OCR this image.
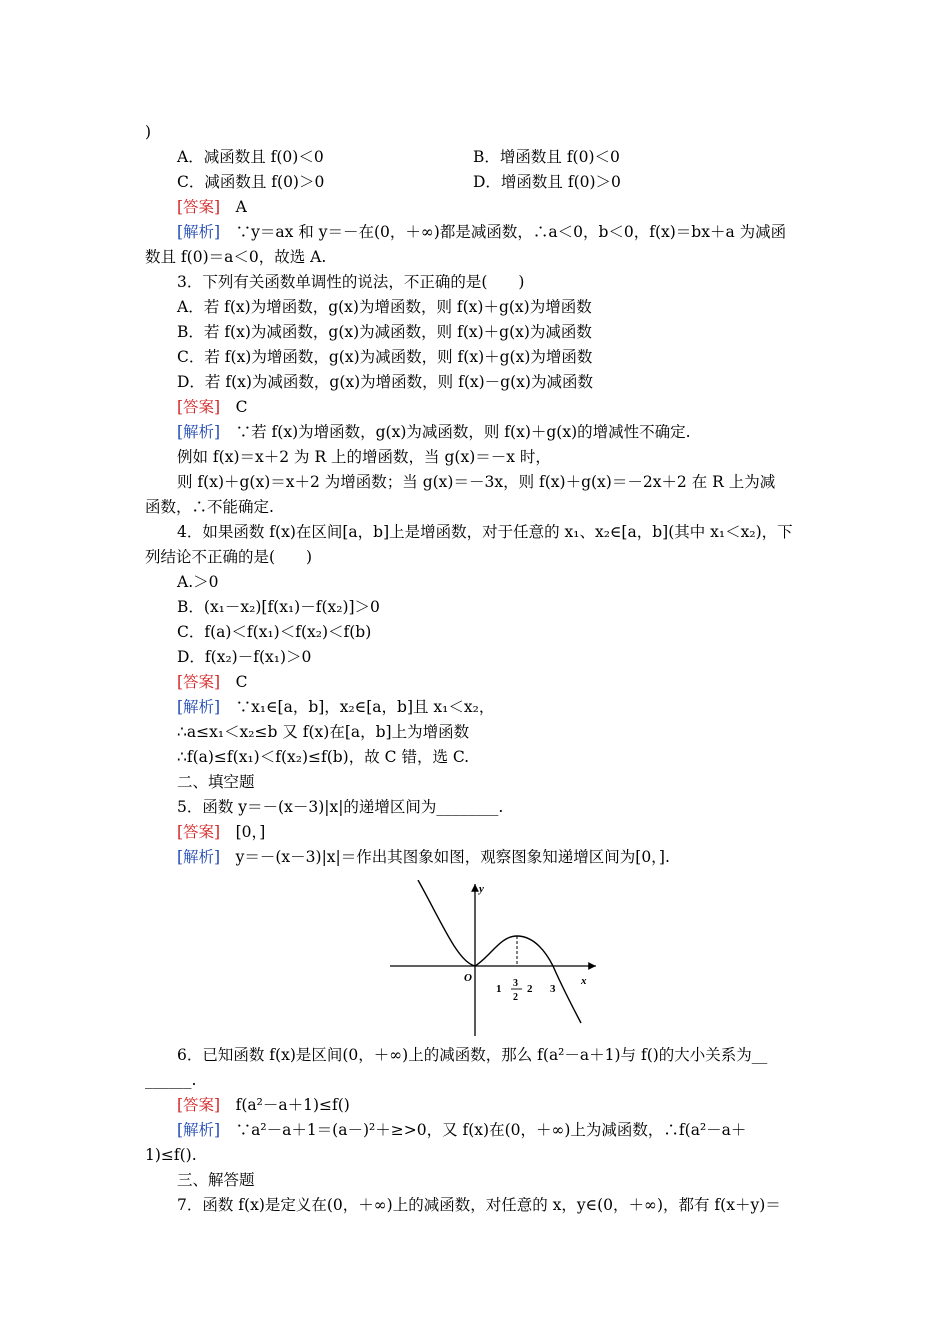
)
A．减函数且 f(0)＜0	B．增函数且 f(0)＜0
C．减函数且 f(0)＞0	D．增函数且 f(0)＞0
[答案]　 A
[解析]　 ∵y＝ax 和 y＝－在(0，＋∞)都是减函数，∴a＜0，b＜0，f(x)＝bx＋a 为减函
数且 f(0)＝a＜0，故选 A.
3．下列有关函数单调性的说法，不正确的是(　　)
A．若 f(x)为增函数，g(x)为增函数，则 f(x)＋g(x)为增函数
B．若 f(x)为减函数，g(x)为减函数，则 f(x)＋g(x)为减函数
C．若 f(x)为增函数，g(x)为减函数，则 f(x)＋g(x)为增函数
D．若 f(x)为减函数，g(x)为增函数，则 f(x)－g(x)为减函数
[答案]　 C
[解析]　 ∵若 f(x)为增函数，g(x)为减函数，则 f(x)＋g(x)的增减性不确定.
例如 f(x)＝x＋2 为 R 上的增函数，当 g(x)＝－x 时，
则 f(x)＋g(x)＝x＋2 为增函数；当 g(x)＝－3x，则 f(x)＋g(x)＝－2x＋2 在 R 上为减
函数，∴不能确定.
4．如果函数 f(x)在区间[a，b]上是增函数，对于任意的 x₁、x₂∈[a，b](其中 x₁＜x₂)，下
列结论不正确的是(　　)
A.＞0
B．(x₁－x₂)[f(x₁)－f(x₂)]＞0
C．f(a)＜f(x₁)＜f(x₂)＜f(b)
D．f(x₂)－f(x₁)＞0
[答案]　 C
[解析]　 ∵x₁∈[a，b]，x₂∈[a，b]且 x₁＜x₂，
∴a≤x₁＜x₂≤b 又 f(x)在[a，b]上为增函数
∴f(a)≤f(x₁)＜f(x₂)≤f(b)，故 C 错，选 C.
二、填空题
5．函数 y＝－(x－3)|x|的递增区间为________.
[答案]　 [0，]
[解析]　 y＝－(x－3)|x|＝作出其图象如图，观察图象知递增区间为[0，].
y
x
O
1 3
2
2 3
6．已知函数 f(x)是区间(0，＋∞)上的减函数，那么 f(a²－a＋1)与 f()的大小关系为__
______.
[答案]　 f(a²－a＋1)≤f()
[解析]　 ∵a²－a＋1＝(a－)²＋≥>0，又 f(x)在(0，＋∞)上为减函数，∴f(a²－a＋
1)≤f().
三、解答题
7．函数 f(x)是定义在(0，＋∞)上的减函数，对任意的 x，y∈(0，＋∞)，都有 f(x＋y)＝
